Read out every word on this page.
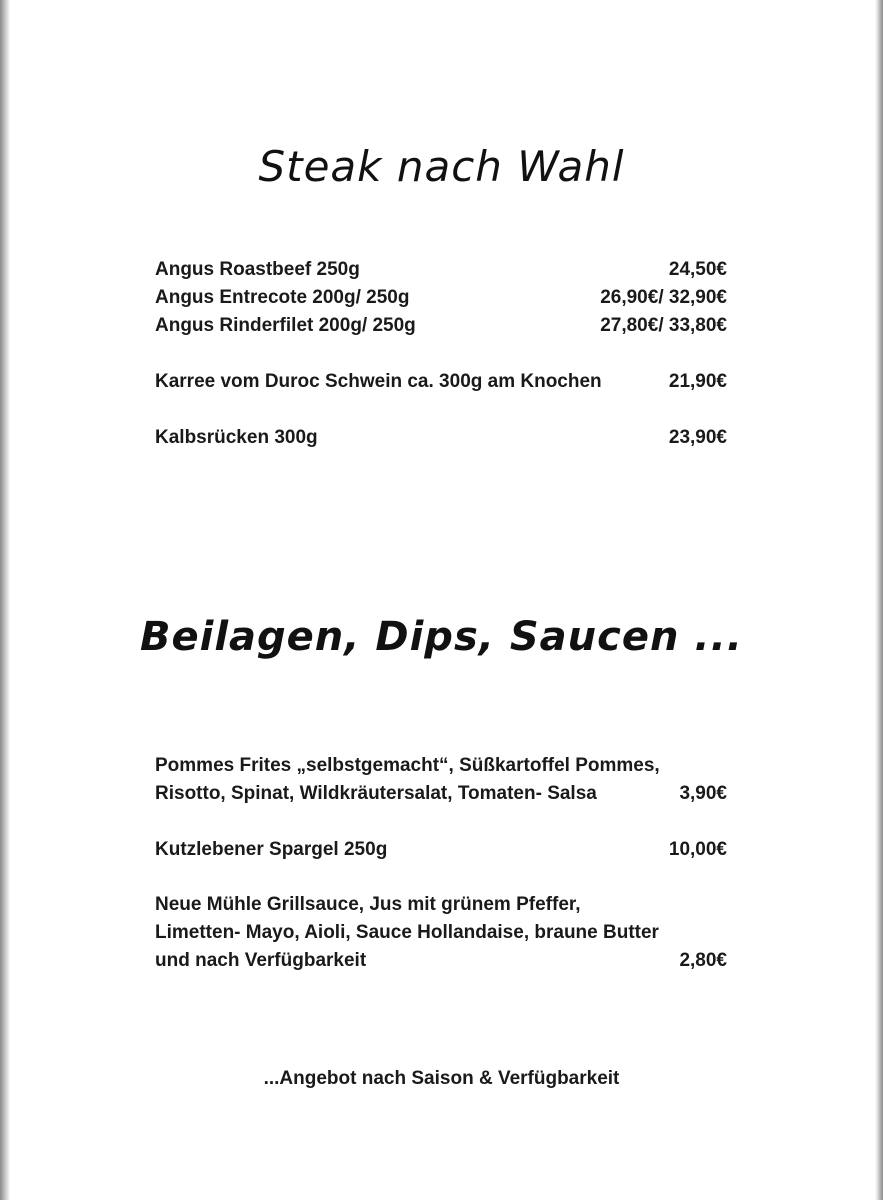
Steak nach Wahl
Angus Roastbeef 250g	24,50€
Angus Entrecote 200g/ 250g	26,90€/ 32,90€
Angus Rinderfilet 200g/ 250g	27,80€/ 33,80€
Karree vom Duroc Schwein ca. 300g am Knochen	21,90€
Kalbsrücken 300g	23,90€
Beilagen, Dips, Saucen ...
Pommes Frites „selbstgemacht“, Süßkartoffel Pommes,
Risotto, Spinat, Wildkräutersalat, Tomaten- Salsa	3,90€
Kutzlebener Spargel 250g	10,00€
Neue Mühle Grillsauce, Jus mit grünem Pfeffer,
Limetten- Mayo, Aioli, Sauce Hollandaise, braune Butter
und nach Verfügbarkeit	2,80€
...Angebot nach Saison & Verfügbarkeit
